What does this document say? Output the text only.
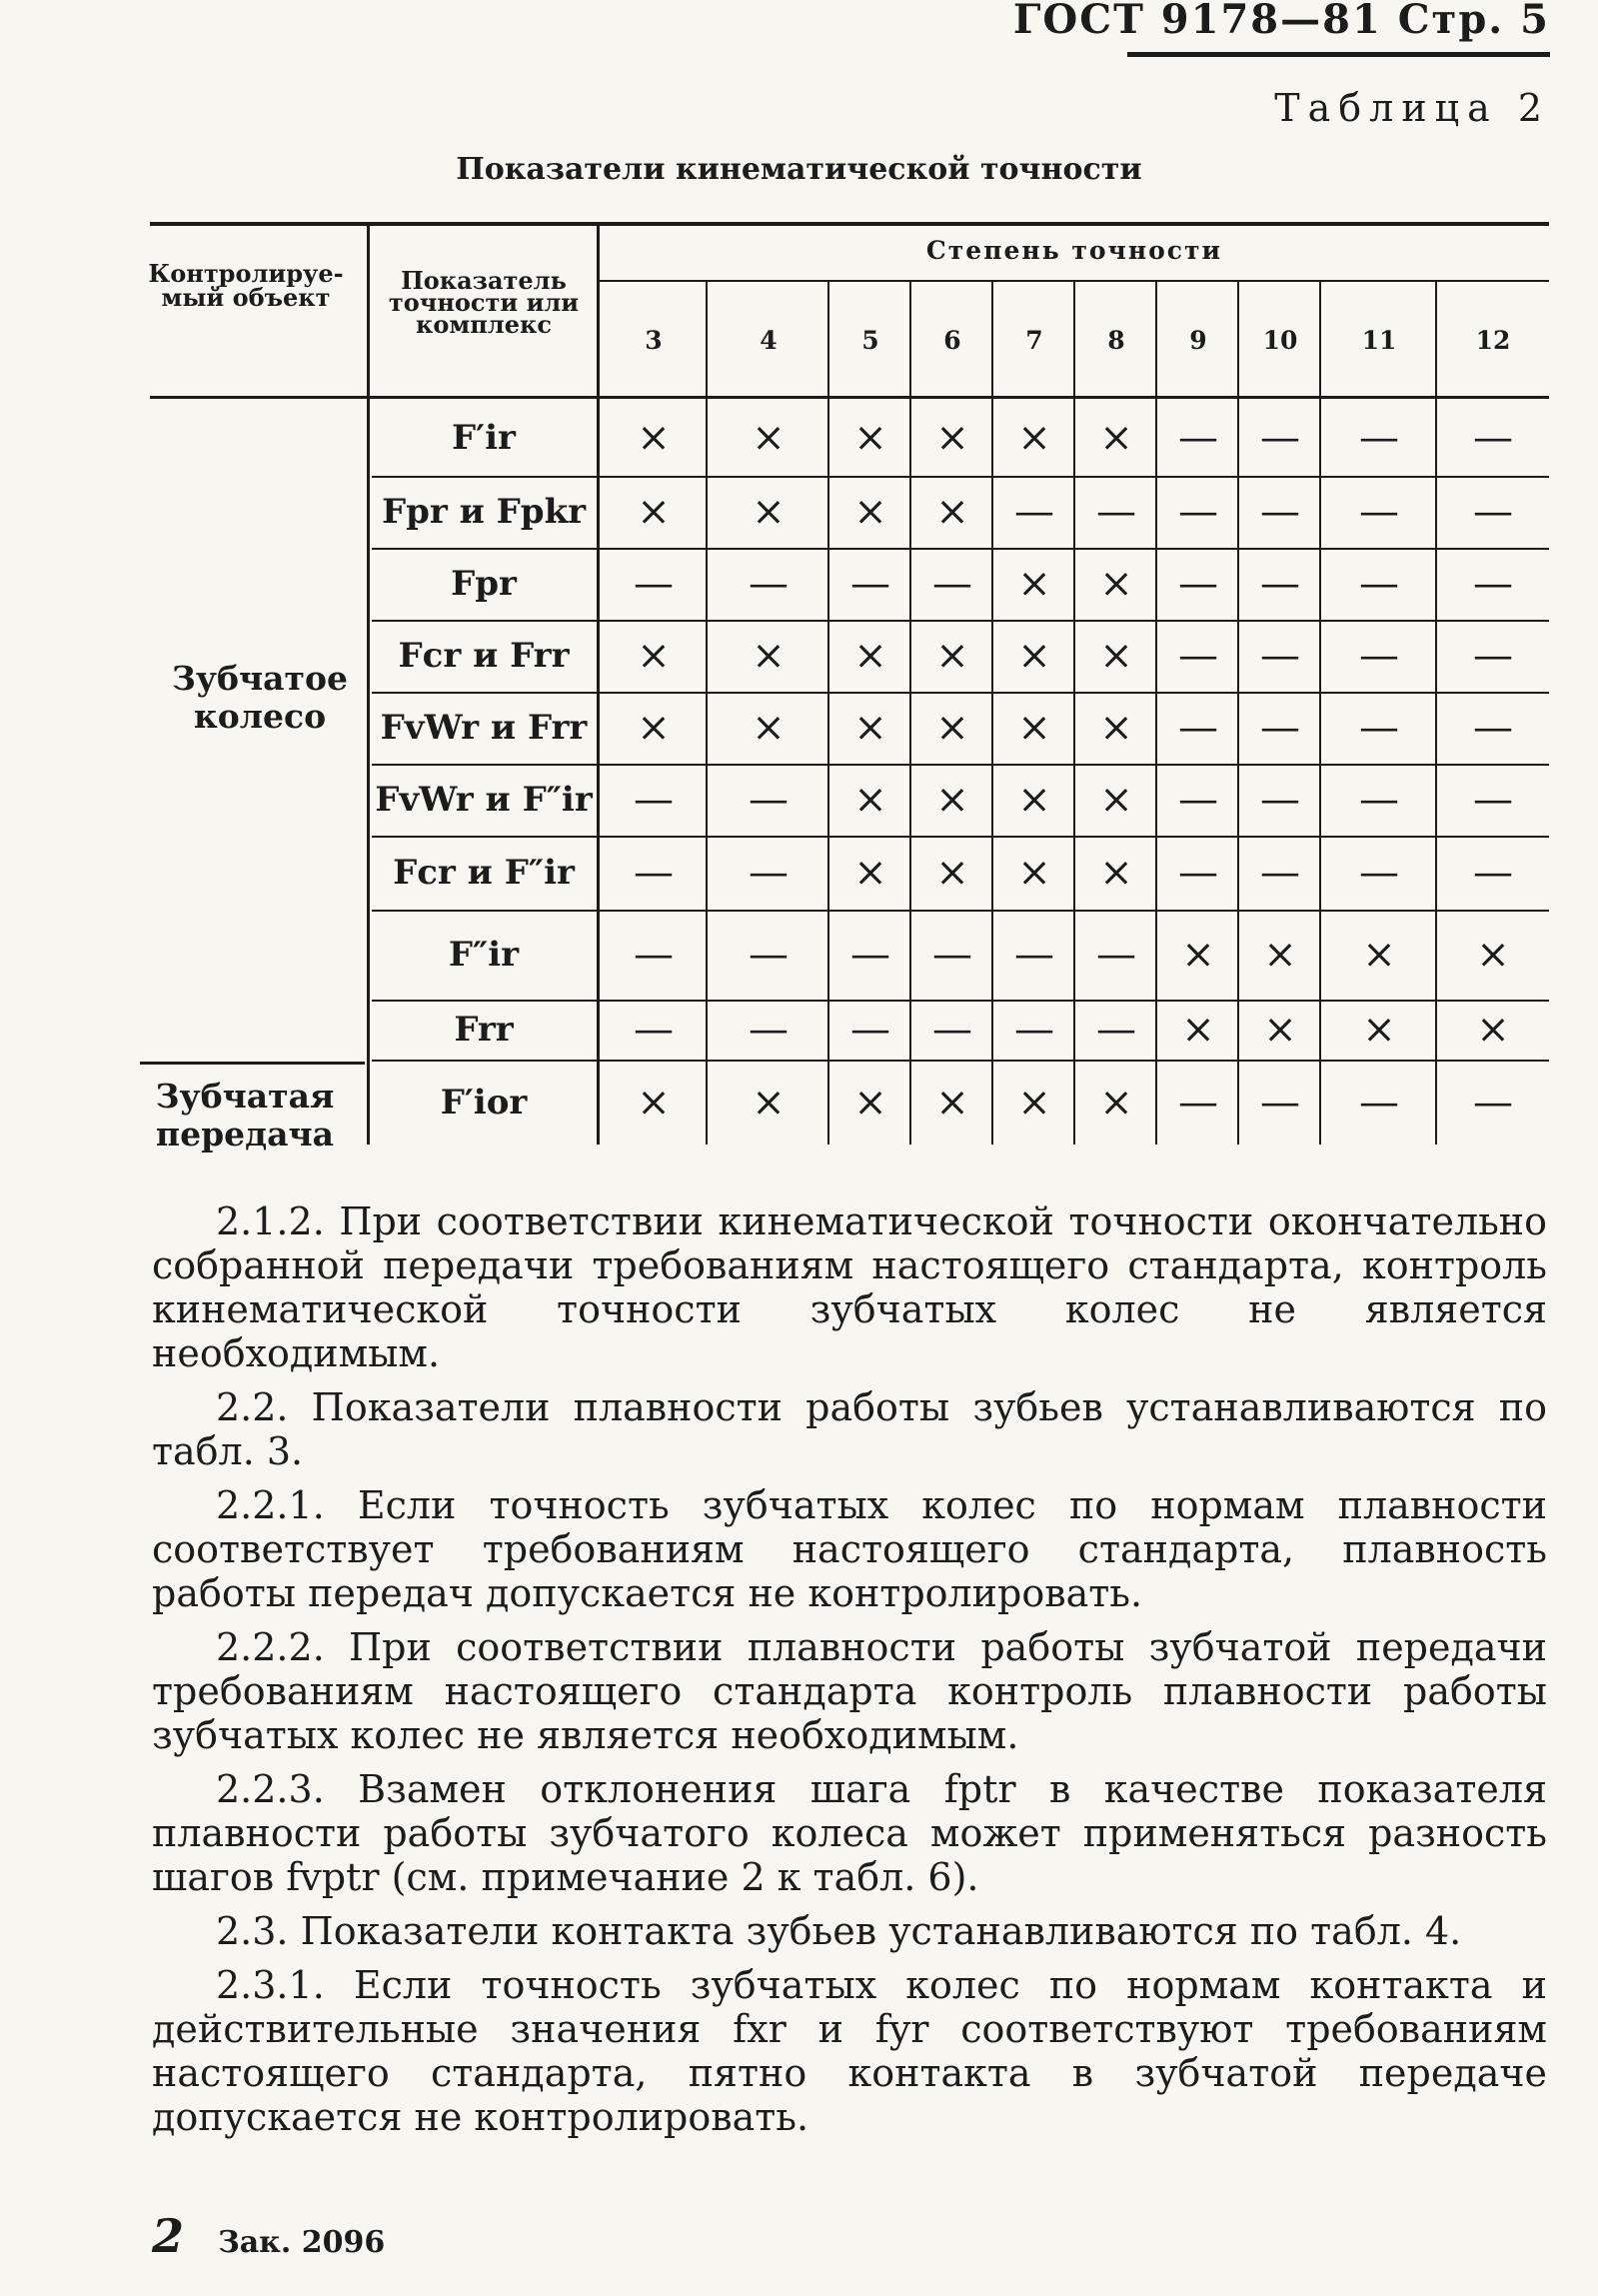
ГОСТ 9178—81 Стр. 5
Таблица 2
Показатели кинематической точности
Контролируе-
мый объект
Показатель
точности или
комплекс
Степень точности
3	4	5	6	7	8	9	10	11	12
Зубчатое
колесо
Зубчатая
передача
F′ir	×	×	×	×	×	×	—	—	—	—
Fpr и Fpkr	×	×	×	×	—	—	—	—	—	—
Fpr	—	—	—	—	×	×	—	—	—	—
Fcr и Frr	×	×	×	×	×	×	—	—	—	—
FvWr и Frr	×	×	×	×	×	×	—	—	—	—
FvWr и F″ir	—	—	×	×	×	×	—	—	—	—
Fcr и F″ir	—	—	×	×	×	×	—	—	—	—
F″ir	—	—	—	—	—	—	×	×	×	×
Frr	—	—	—	—	—	—	×	×	×	×
F′ior	×	×	×	×	×	×	—	—	—	—

2.1.2. При соответствии кинематической точности окончательно собранной передачи требованиям настоящего стандарта, контроль кинематической точности зубчатых колес не является необходимым.

2.2. Показатели плавности работы зубьев устанавливаются по табл. 3.

2.2.1. Если точность зубчатых колес по нормам плавности соответствует требованиям настоящего стандарта, плавность работы передач допускается не контролировать.

2.2.2. При соответствии плавности работы зубчатой передачи требованиям настоящего стандарта контроль плавности работы зубчатых колес не является необходимым.

2.2.3. Взамен отклонения шага fptr в качестве показателя плавности работы зубчатого колеса может применяться разность шагов fvptr (см. примечание 2 к табл. 6).

2.3. Показатели контакта зубьев устанавливаются по табл. 4.

2.3.1. Если точность зубчатых колес по нормам контакта и действительные значения fxr и fyr соответствуют требованиям настоящего стандарта, пятно контакта в зубчатой передаче допускается не контролировать.

2 Зак. 2096
